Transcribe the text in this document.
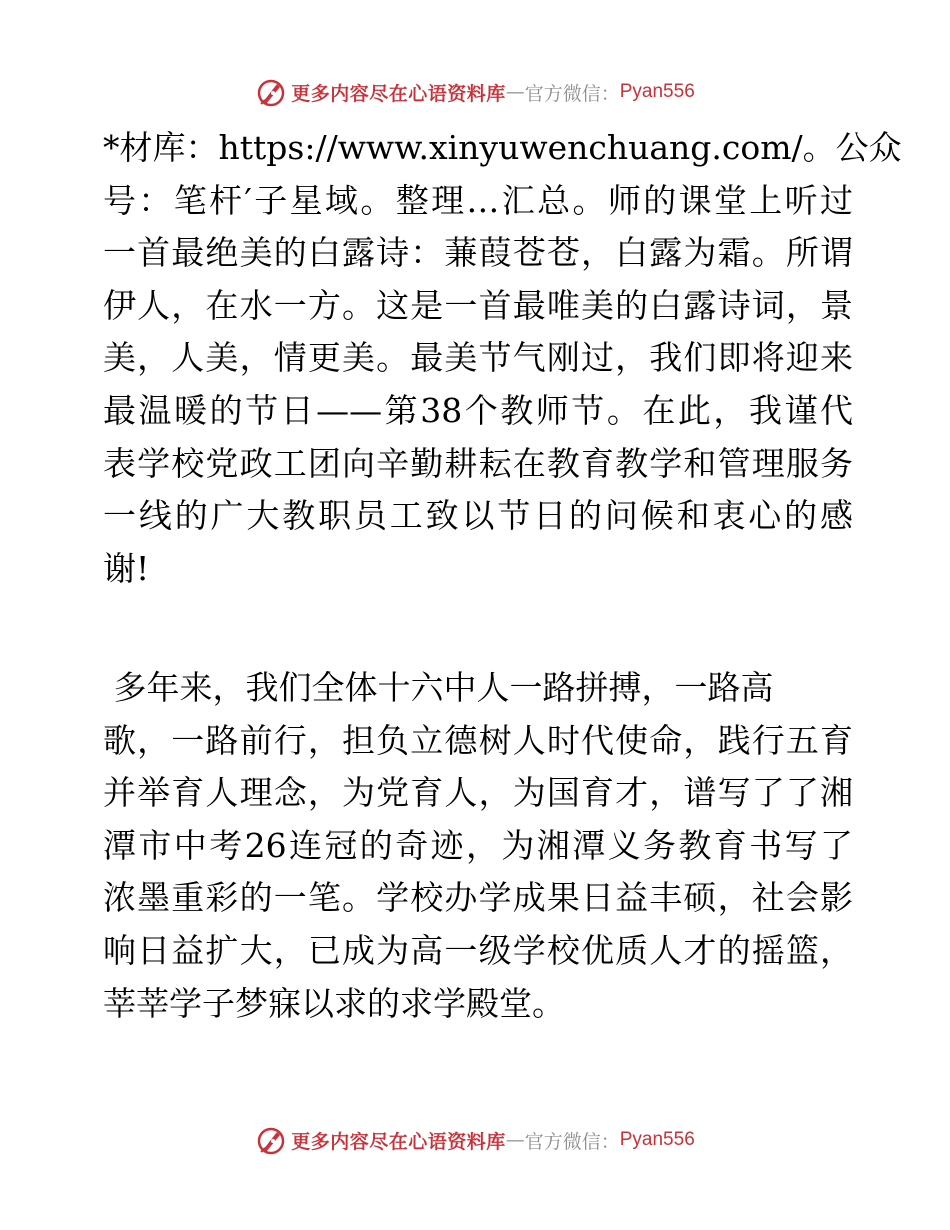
更多内容尽在心语资料库 — 官方微信： Pyan556
*材库：https://www.xinyuwenchuang.com/。公众
号：笔杆′子星域。整理…汇总。师的课堂上听过
一首最绝美的白露诗：蒹葭苍苍，白露为霜。所谓
伊人，在水一方。这是一首最唯美的白露诗词，景
美，人美，情更美。最美节气刚过，我们即将迎来
最温暖的节日——第38个教师节。在此，我谨代
表学校党政工团向辛勤耕耘在教育教学和管理服务
一线的广大教职员工致以节日的问候和衷心的感
谢!
多年来，我们全体十六中人一路拼搏，一路高
歌，一路前行，担负立德树人时代使命，践行五育
并举育人理念，为党育人，为国育才，谱写了了湘
潭市中考26连冠的奇迹，为湘潭义务教育书写了
浓墨重彩的一笔。学校办学成果日益丰硕，社会影
响日益扩大，已成为高一级学校优质人才的摇篮，
莘莘学子梦寐以求的求学殿堂。
更多内容尽在心语资料库 — 官方微信： Pyan556
